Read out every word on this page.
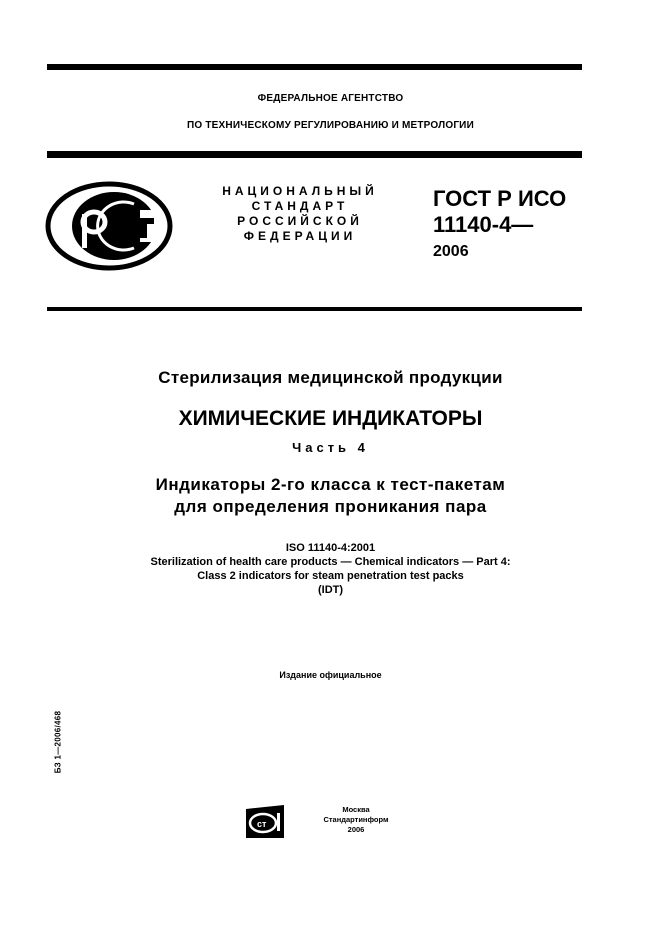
ФЕДЕРАЛЬНОЕ АГЕНТСТВО
ПО ТЕХНИЧЕСКОМУ РЕГУЛИРОВАНИЮ И МЕТРОЛОГИИ
НАЦИОНАЛЬНЫЙ
СТАНДАРТ
РОССИЙСКОЙ
ФЕДЕРАЦИИ
ГОСТ Р ИСО
11140-4—
2006
Стерилизация медицинской продукции
ХИМИЧЕСКИЕ ИНДИКАТОРЫ
Часть 4
Индикаторы 2-го класса к тест-пакетам
для определения проникания пара
ISO 11140-4:2001
Sterilization of health care products — Chemical indicators — Part 4:
Class 2 indicators for steam penetration test packs
(IDT)
Издание официальное
БЗ 1—2006/468
ст
Москва
Стандартинформ
2006
